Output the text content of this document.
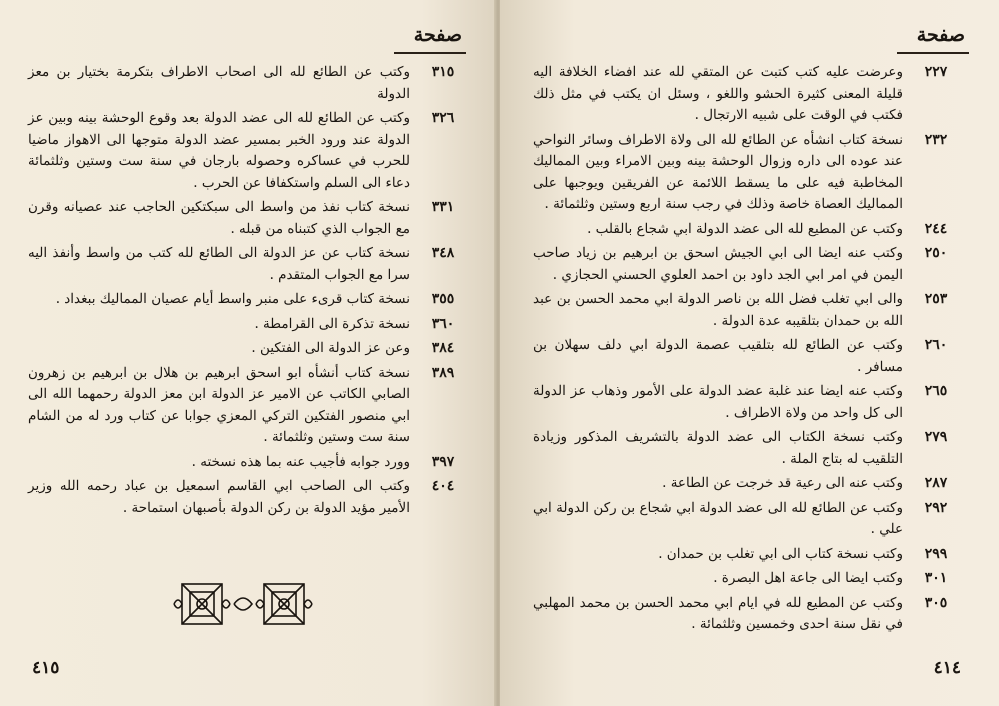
صفحة
٣١٥
وكتب عن الطائع لله الى اصحاب الاطراف بتكرمة بختيار بن معز الدولة
٣٢٦
وكتب عن الطائع لله الى عضد الدولة بعد وقوع الوحشة بينه وبين عز الدولة عند ورود الخبر بمسير عضد الدولة متوجها الى الاهواز ماضيا للحرب في عساكره وحصوله بارجان في سنة ست وستين وثلثمائة دعاء الى السلم واستكفافا عن الحرب .
٣٣١
نسخة كتاب نفذ من واسط الى سبكتكين الحاجب عند عصيانه وقرن مع الجواب الذي كتبناه من قبله .
٣٤٨
نسخة كتاب عن عز الدولة الى الطائع لله كتب من واسط وأنفذ اليه سرا مع الجواب المتقدم .
٣٥٥
نسخة كتاب قرىء على منبر واسط أيام عصيان المماليك ببغداد .
٣٦٠
نسخة تذكرة الى القرامطة .
٣٨٤
وعن عز الدولة الى الفتكين .
٣٨٩
نسخة كتاب أنشأه ابو اسحق ابرهيم بن هلال بن ابرهيم بن زهرون الصابي الكاتب عن الامير عز الدولة ابن معز الدولة رحمهما الله الى ابي منصور الفتكين التركي المعزي جوابا عن كتاب ورد له من الشام سنة ست وستين وثلثمائة .
٣٩٧
وورد جوابه فأجيب عنه بما هذه نسخته .
٤٠٤
وكتب الى الصاحب ابي القاسم اسمعيل بن عباد رحمه الله وزير الأمير مؤيد الدولة بن ركن الدولة بأصبهان استماحة .
٤١٥
صفحة
٢٢٧
وعرضت عليه كتب كتبت عن المتقي لله عند افضاء الخلافة اليه قليلة المعنى كثيرة الحشو واللغو ، وسئل ان يكتب في مثل ذلك فكتب في الوقت على شبيه الارتجال .
٢٣٢
نسخة كتاب انشأه عن الطائع لله الى ولاة الاطراف وسائر النواحي عند عوده الى داره وزوال الوحشة بينه وبين الامراء وبين المماليك المخاطبة فيه على ما يسقط اللائمة عن الفريقين ويوجبها على المماليك العصاة خاصة وذلك في رجب سنة اربع وستين وثلثمائة .
٢٤٤
وكتب عن المطيع لله الى عضد الدولة ابي شجاع بالقلب .
٢٥٠
وكتب عنه ايضا الى ابي الجيش اسحق بن ابرهيم بن زياد صاحب اليمن في امر ابي الجد داود بن احمد العلوي الحسني الحجازي .
٢٥٣
والى ابي تغلب فضل الله بن ناصر الدولة ابي محمد الحسن بن عبد الله بن حمدان بتلقيبه عدة الدولة .
٢٦٠
وكتب عن الطائع لله بتلقيب عصمة الدولة ابي دلف سهلان بن مسافر .
٢٦٥
وكتب عنه ايضا عند غلبة عضد الدولة على الأمور وذهاب عز الدولة الى كل واحد من ولاة الاطراف .
٢٧٩
وكتب نسخة الكتاب الى عضد الدولة بالتشريف المذكور وزيادة التلقيب له بتاج الملة .
٢٨٧
وكتب عنه الى رعية قد خرجت عن الطاعة .
٢٩٢
وكتب عن الطائع لله الى عضد الدولة ابي شجاع بن ركن الدولة ابي علي .
٢٩٩
وكتب نسخة كتاب الى ابي تغلب بن حمدان .
٣٠١
وكتب ايضا الى جاعة اهل البصرة .
٣٠٥
وكتب عن المطيع لله في ايام ابي محمد الحسن بن محمد المهلبي في نقل سنة احدى وخمسين وثلثمائة .
٤١٤
